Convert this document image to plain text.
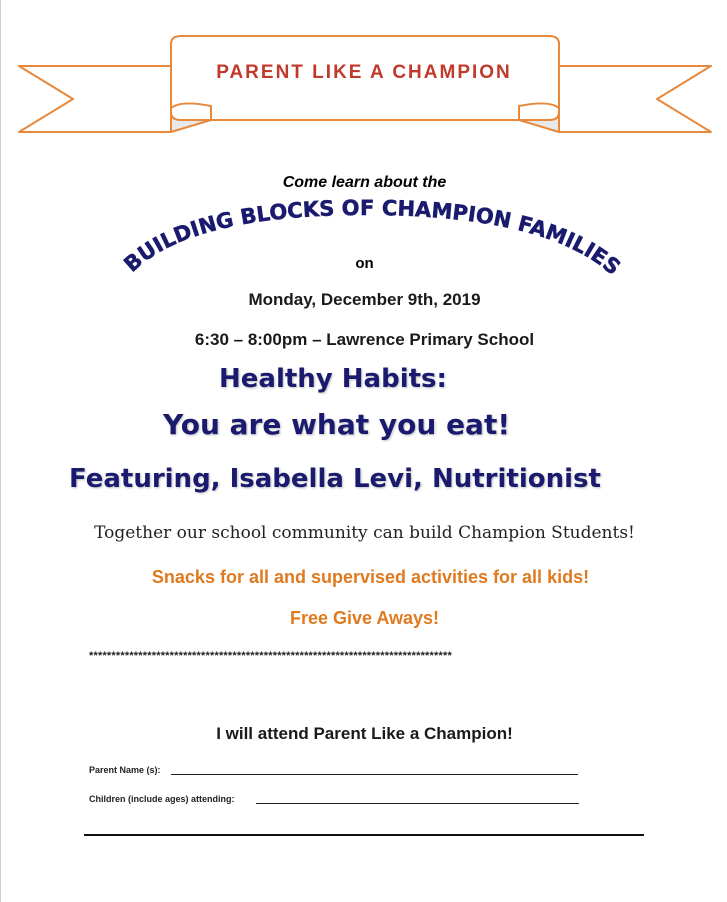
PARENT LIKE A CHAMPION
Come learn about the
BUILDING BLOCKS OF CHAMPION FAMILIES
on
Monday, December 9th, 2019
6:30 – 8:00pm – Lawrence Primary School
Healthy Habits:
You are what you eat!
Featuring, Isabella Levi, Nutritionist
Together our school community can build Champion Students!
Snacks for all and supervised activities for all kids!
Free Give Aways!
*********************************************************************************
I will attend Parent Like a Champion!
Parent Name (s):
Children (include ages) attending:
